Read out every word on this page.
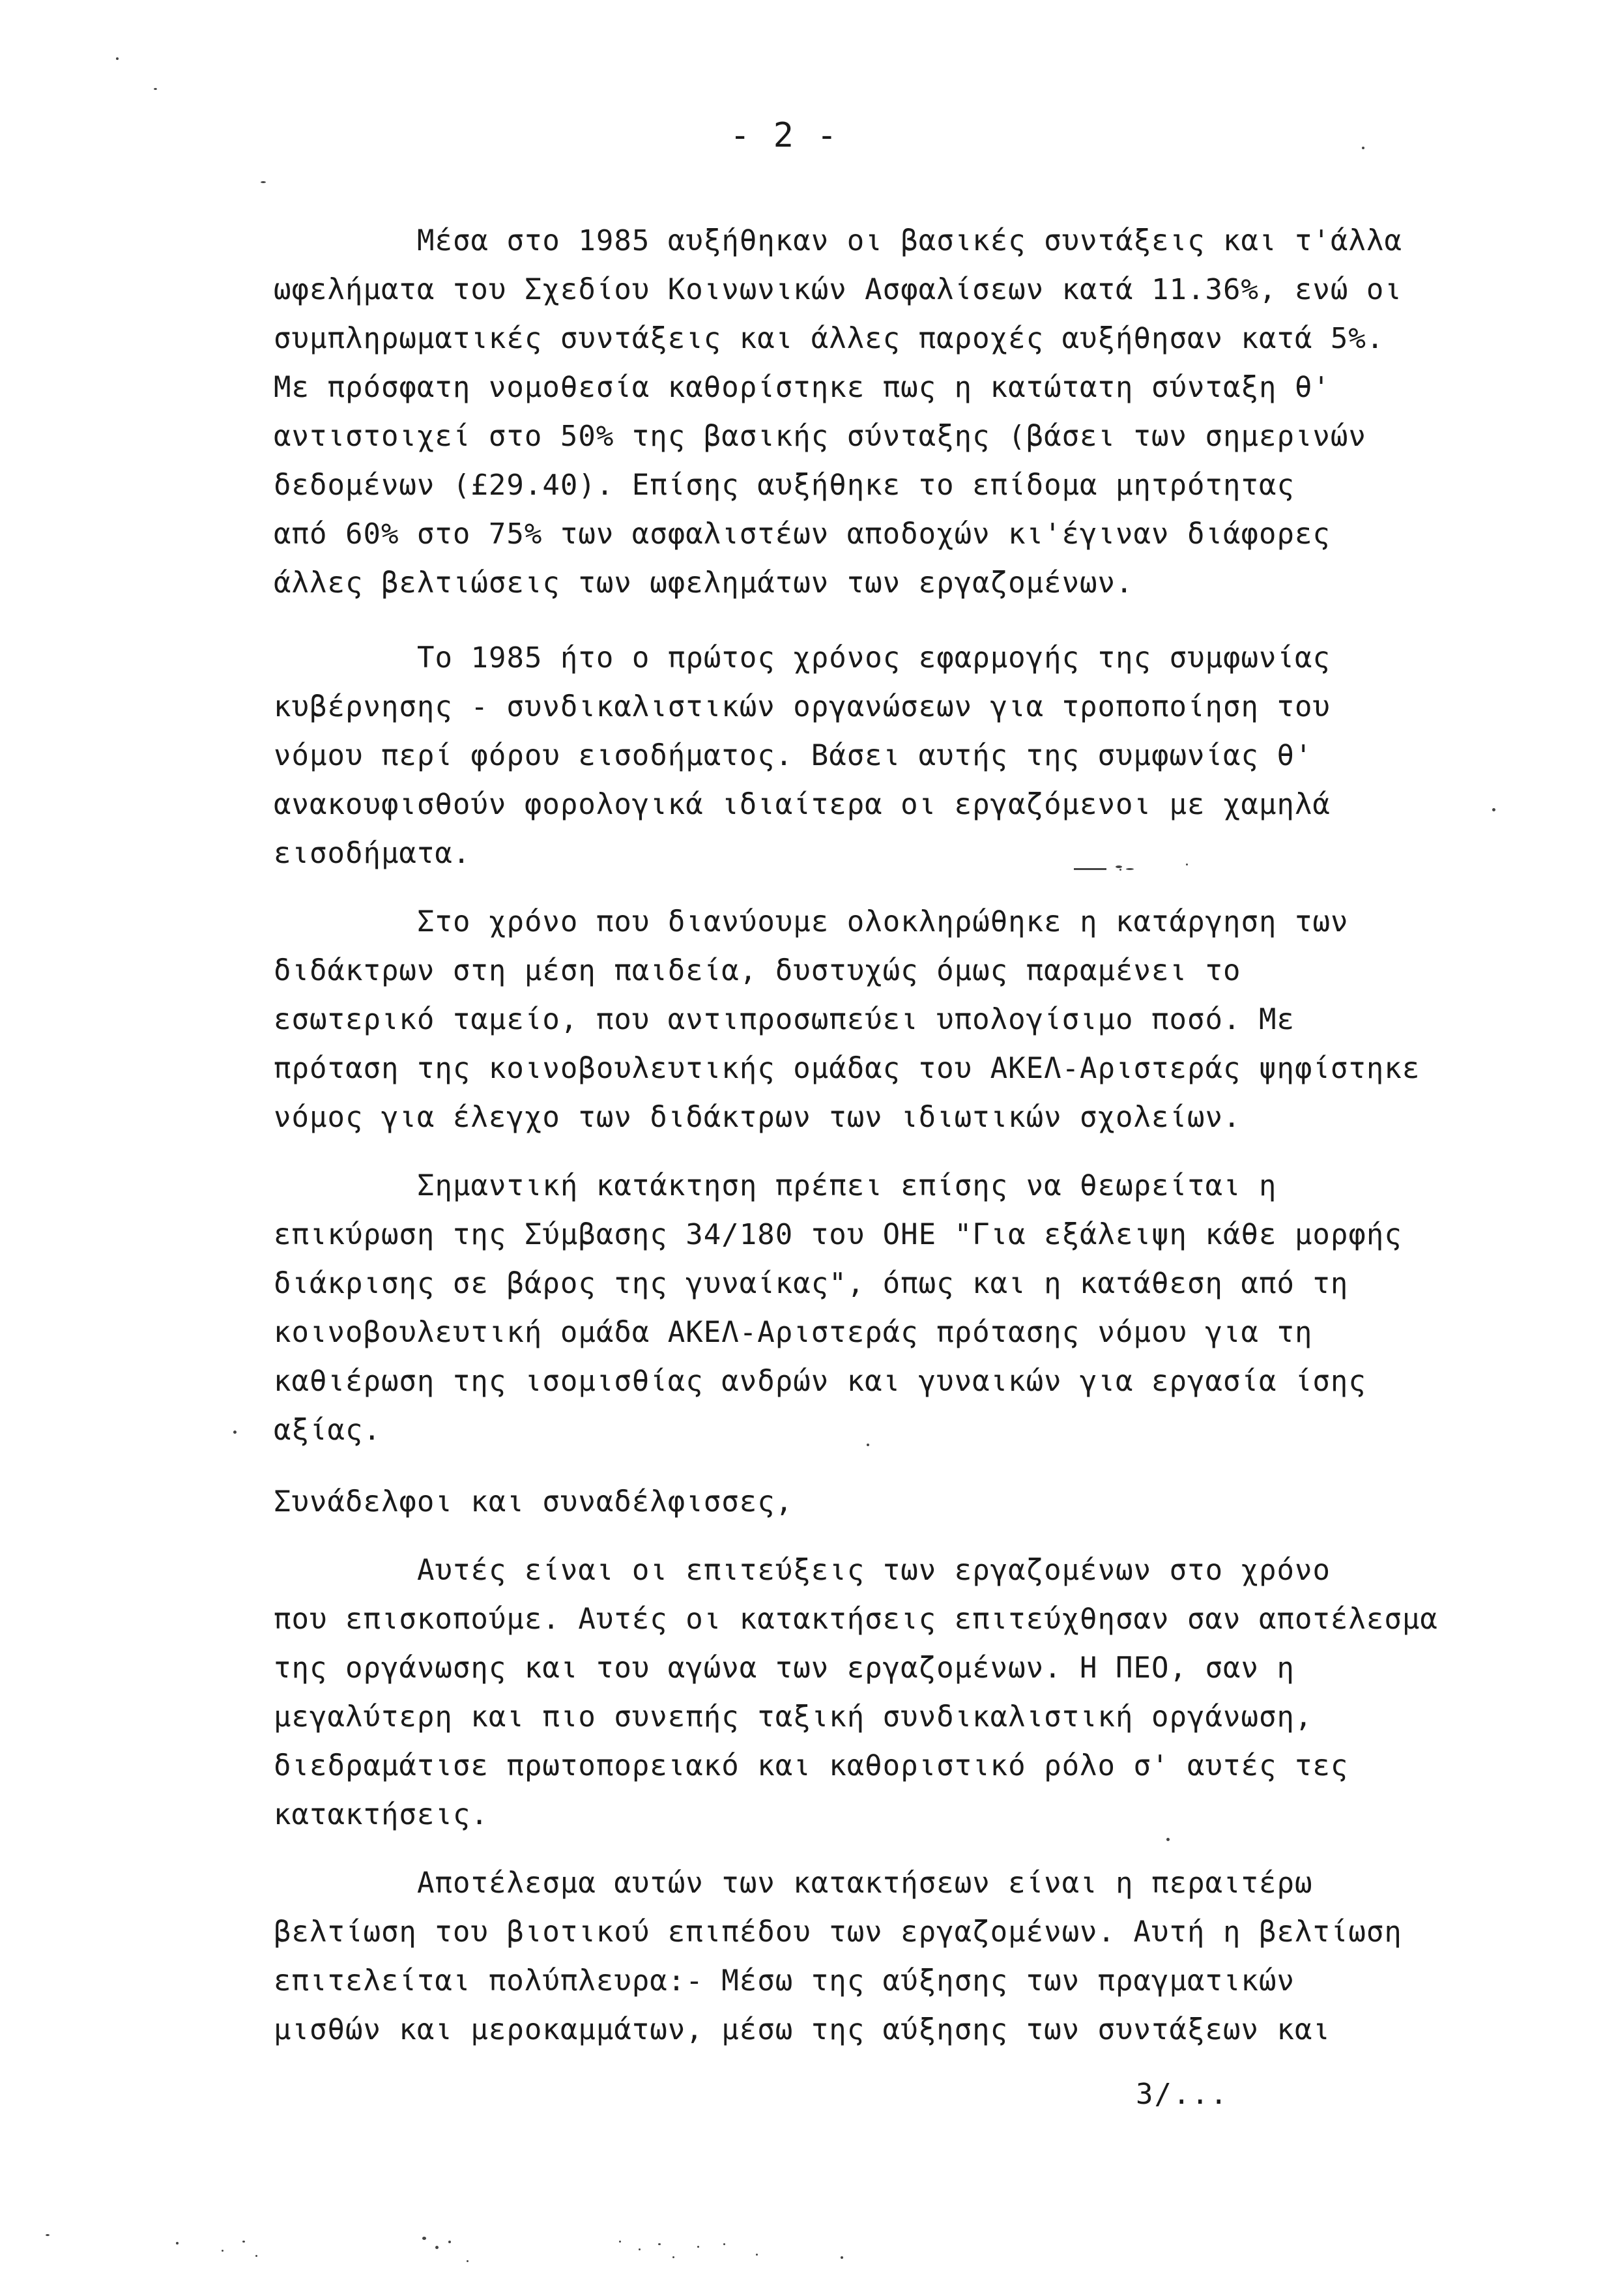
- 2 -
Μέσα στο 1985 αυξήθηκαν οι βασικές συντάξεις και τ'άλλα
ωφελήματα του Σχεδίου Κοινωνικών Ασφαλίσεων κατά 11.36%, ενώ οι
συμπληρωματικές συντάξεις και άλλες παροχές αυξήθησαν κατά 5%.
Με πρόσφατη νομοθεσία καθορίστηκε πως η κατώτατη σύνταξη θ'
αντιστοιχεί στο 50% της βασικής σύνταξης (βάσει των σημερινών
δεδομένων (£29.40). Επίσης αυξήθηκε το επίδομα μητρότητας
από 60% στο 75% των ασφαλιστέων αποδοχών κι'έγιναν διάφορες
άλλες βελτιώσεις των ωφελημάτων των εργαζομένων.
Το 1985 ήτο ο πρώτος χρόνος εφαρμογής της συμφωνίας
κυβέρνησης - συνδικαλιστικών οργανώσεων για τροποποίηση του
νόμου περί φόρου εισοδήματος. Βάσει αυτής της συμφωνίας θ'
ανακουφισθούν φορολογικά ιδιαίτερα οι εργαζόμενοι με χαμηλά
εισοδήματα.
Στο χρόνο που διανύουμε ολοκληρώθηκε η κατάργηση των
διδάκτρων στη μέση παιδεία, δυστυχώς όμως παραμένει το
εσωτερικό ταμείο, που αντιπροσωπεύει υπολογίσιμο ποσό. Με
πρόταση της κοινοβουλευτικής ομάδας του ΑΚΕΛ-Αριστεράς ψηφίστηκε
νόμος για έλεγχο των διδάκτρων των ιδιωτικών σχολείων.
Σημαντική κατάκτηση πρέπει επίσης να θεωρείται η
επικύρωση της Σύμβασης 34/180 του ΟΗΕ "Για εξάλειψη κάθε μορφής
διάκρισης σε βάρος της γυναίκας", όπως και η κατάθεση από τη
κοινοβουλευτική ομάδα ΑΚΕΛ-Αριστεράς πρότασης νόμου για τη
καθιέρωση της ισομισθίας ανδρών και γυναικών για εργασία ίσης
αξίας.
Συνάδελφοι και συναδέλφισσες,
Αυτές είναι οι επιτεύξεις των εργαζομένων στο χρόνο
που επισκοπούμε. Αυτές οι κατακτήσεις επιτεύχθησαν σαν αποτέλεσμα
της οργάνωσης και του αγώνα των εργαζομένων. Η ΠΕΟ, σαν η
μεγαλύτερη και πιο συνεπής ταξική συνδικαλιστική οργάνωση,
διεδραμάτισε πρωτοπορειακό και καθοριστικό ρόλο σ' αυτές τες
κατακτήσεις.
Αποτέλεσμα αυτών των κατακτήσεων είναι η περαιτέρω
βελτίωση του βιοτικού επιπέδου των εργαζομένων. Αυτή η βελτίωση
επιτελείται πολύπλευρα:- Μέσω της αύξησης των πραγματικών
μισθών και μεροκαμμάτων, μέσω της αύξησης των συντάξεων και
3/...
